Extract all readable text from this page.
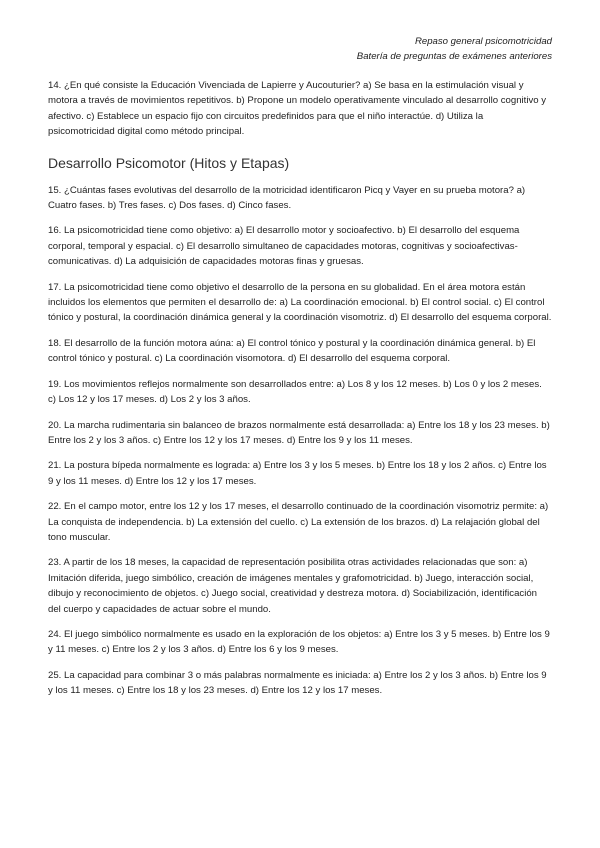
Repaso general psicomotricidad
Batería de preguntas de exámenes anteriores

14. ¿En qué consiste la Educación Vivenciada de Lapierre y Aucouturier? a) Se basa en la estimulación visual y motora a través de movimientos repetitivos. b) Propone un modelo operativamente vinculado al desarrollo cognitivo y afectivo. c) Establece un espacio fijo con circuitos predefinidos para que el niño interactúe. d) Utiliza la psicomotricidad digital como método principal.

Desarrollo Psicomotor (Hitos y Etapas)

15. ¿Cuántas fases evolutivas del desarrollo de la motricidad identificaron Picq y Vayer en su prueba motora? a) Cuatro fases. b) Tres fases. c) Dos fases. d) Cinco fases.

16. La psicomotricidad tiene como objetivo: a) El desarrollo motor y socioafectivo. b) El desarrollo del esquema corporal, temporal y espacial. c) El desarrollo simultaneo de capacidades motoras, cognitivas y socioafectivas-comunicativas. d) La adquisición de capacidades motoras finas y gruesas.

17. La psicomotricidad tiene como objetivo el desarrollo de la persona en su globalidad. En el área motora están incluidos los elementos que permiten el desarrollo de: a) La coordinación emocional. b) El control social. c) El control tónico y postural, la coordinación dinámica general y la coordinación visomotriz. d) El desarrollo del esquema corporal.

18. El desarrollo de la función motora aúna: a) El control tónico y postural y la coordinación dinámica general. b) El control tónico y postural. c) La coordinación visomotora. d) El desarrollo del esquema corporal.

19. Los movimientos reflejos normalmente son desarrollados entre: a) Los 8 y los 12 meses. b) Los 0 y los 2 meses. c) Los 12 y los 17 meses. d) Los 2 y los 3 años.

20. La marcha rudimentaria sin balanceo de brazos normalmente está desarrollada: a) Entre los 18 y los 23 meses. b) Entre los 2 y los 3 años. c) Entre los 12 y los 17 meses. d) Entre los 9 y los 11 meses.

21. La postura bípeda normalmente es lograda: a) Entre los 3 y los 5 meses. b) Entre los 18 y los 2 años. c) Entre los 9 y los 11 meses. d) Entre los 12 y los 17 meses.

22. En el campo motor, entre los 12 y los 17 meses, el desarrollo continuado de la coordinación visomotriz permite: a) La conquista de independencia. b) La extensión del cuello. c) La extensión de los brazos. d) La relajación global del tono muscular.

23. A partir de los 18 meses, la capacidad de representación posibilita otras actividades relacionadas que son: a) Imitación diferida, juego simbólico, creación de imágenes mentales y grafomotricidad. b) Juego, interacción social, dibujo y reconocimiento de objetos. c) Juego social, creatividad y destreza motora. d) Sociabilización, identificación del cuerpo y capacidades de actuar sobre el mundo.

24. El juego simbólico normalmente es usado en la exploración de los objetos: a) Entre los 3 y 5 meses. b) Entre los 9 y 11 meses. c) Entre los 2 y los 3 años. d) Entre los 6 y los 9 meses.

25. La capacidad para combinar 3 o más palabras normalmente es iniciada: a) Entre los 2 y los 3 años. b) Entre los 9 y los 11 meses. c) Entre los 18 y los 23 meses. d) Entre los 12 y los 17 meses.
